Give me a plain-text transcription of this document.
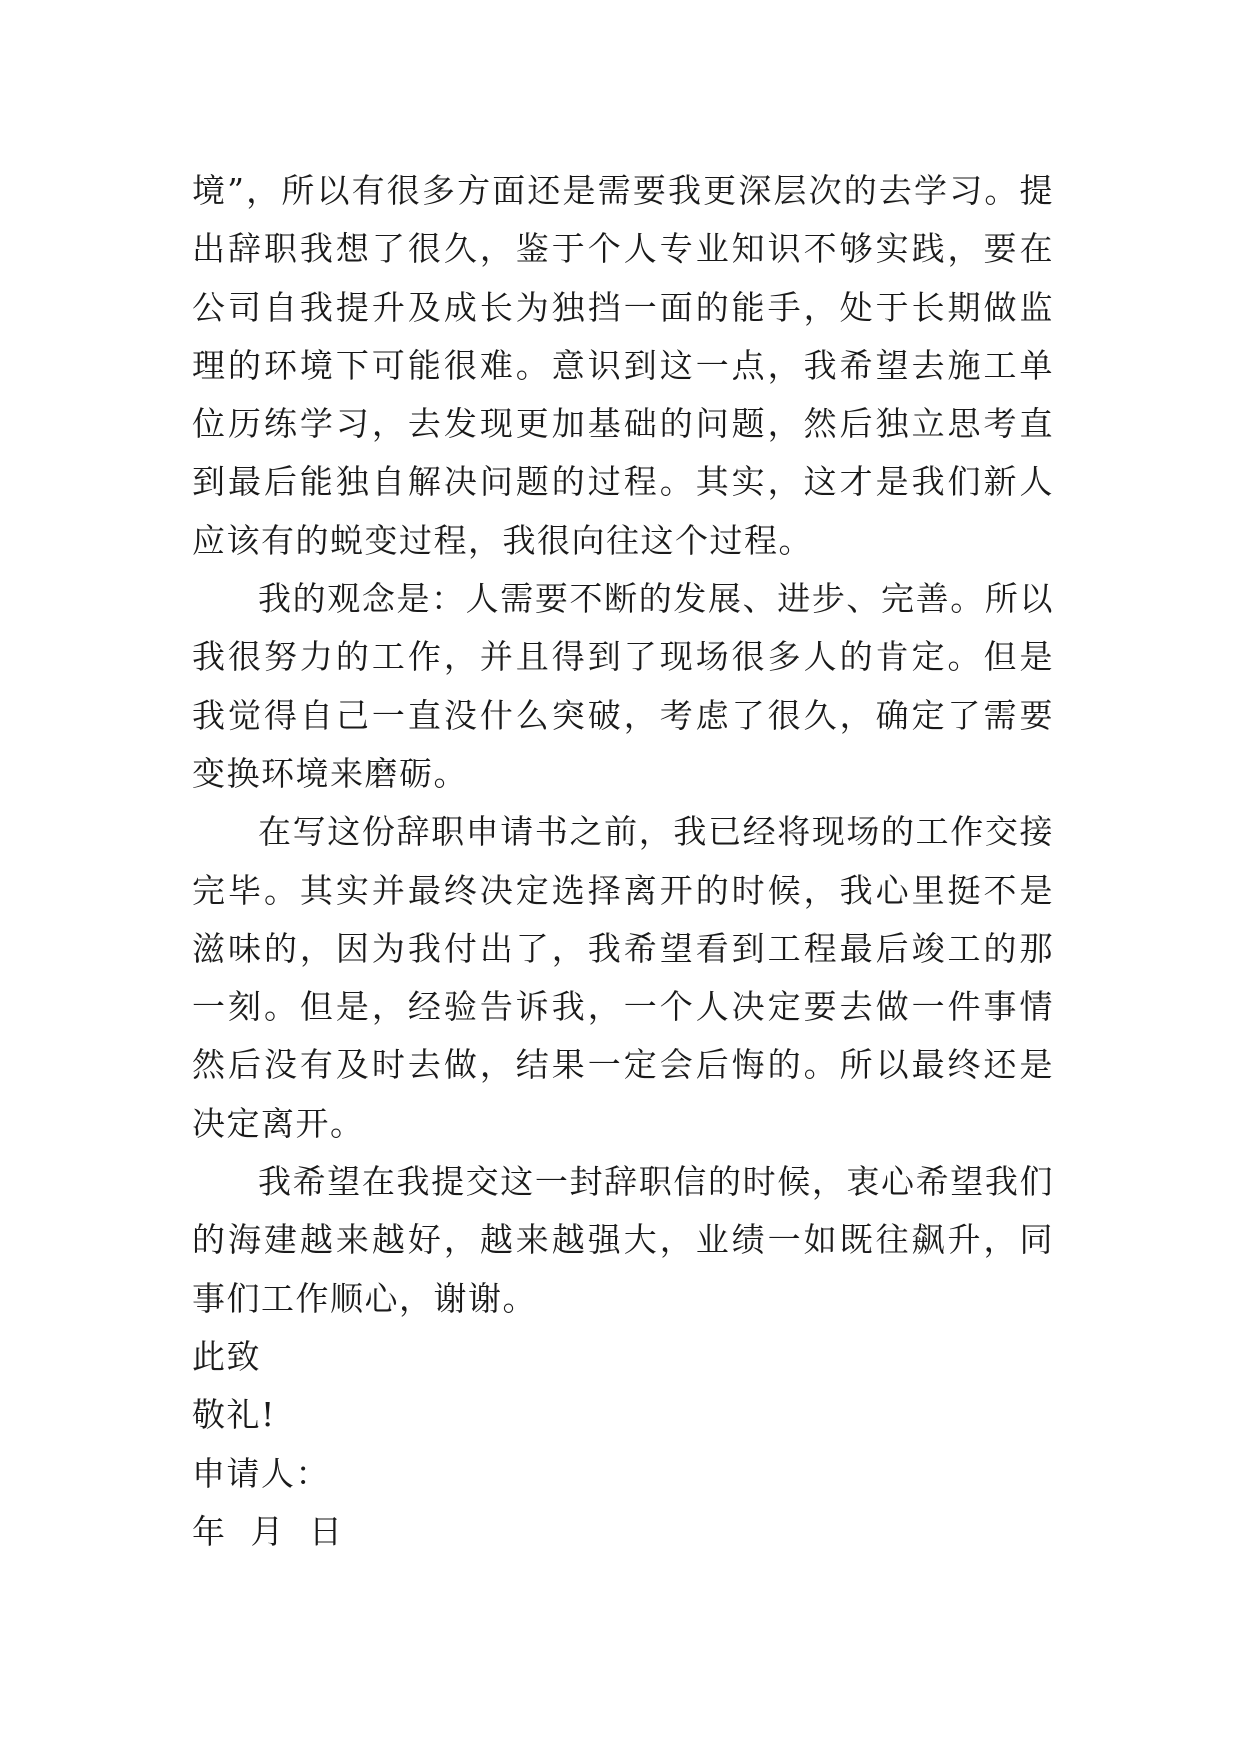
境”，所以有很多方面还是需要我更深层次的去学习。提出辞职我想了很久，鉴于个人专业知识不够实践，要在公司自我提升及成长为独挡一面的能手，处于长期做监理的环境下可能很难。意识到这一点，我希望去施工单位历练学习，去发现更加基础的问题，然后独立思考直到最后能独自解决问题的过程。其实，这才是我们新人应该有的蜕变过程，我很向往这个过程。

我的观念是：人需要不断的发展、进步、完善。所以我很努力的工作，并且得到了现场很多人的肯定。但是我觉得自己一直没什么突破，考虑了很久，确定了需要变换环境来磨砺。

在写这份辞职申请书之前，我已经将现场的工作交接完毕。其实并最终决定选择离开的时候，我心里挺不是滋味的，因为我付出了，我希望看到工程最后竣工的那一刻。但是，经验告诉我，一个人决定要去做一件事情然后没有及时去做，结果一定会后悔的。所以最终还是决定离开。

我希望在我提交这一封辞职信的时候，衷心希望我们的海建越来越好，越来越强大，业绩一如既往飙升，同事们工作顺心，谢谢。

此致

敬礼!

申请人：

年  月  日
